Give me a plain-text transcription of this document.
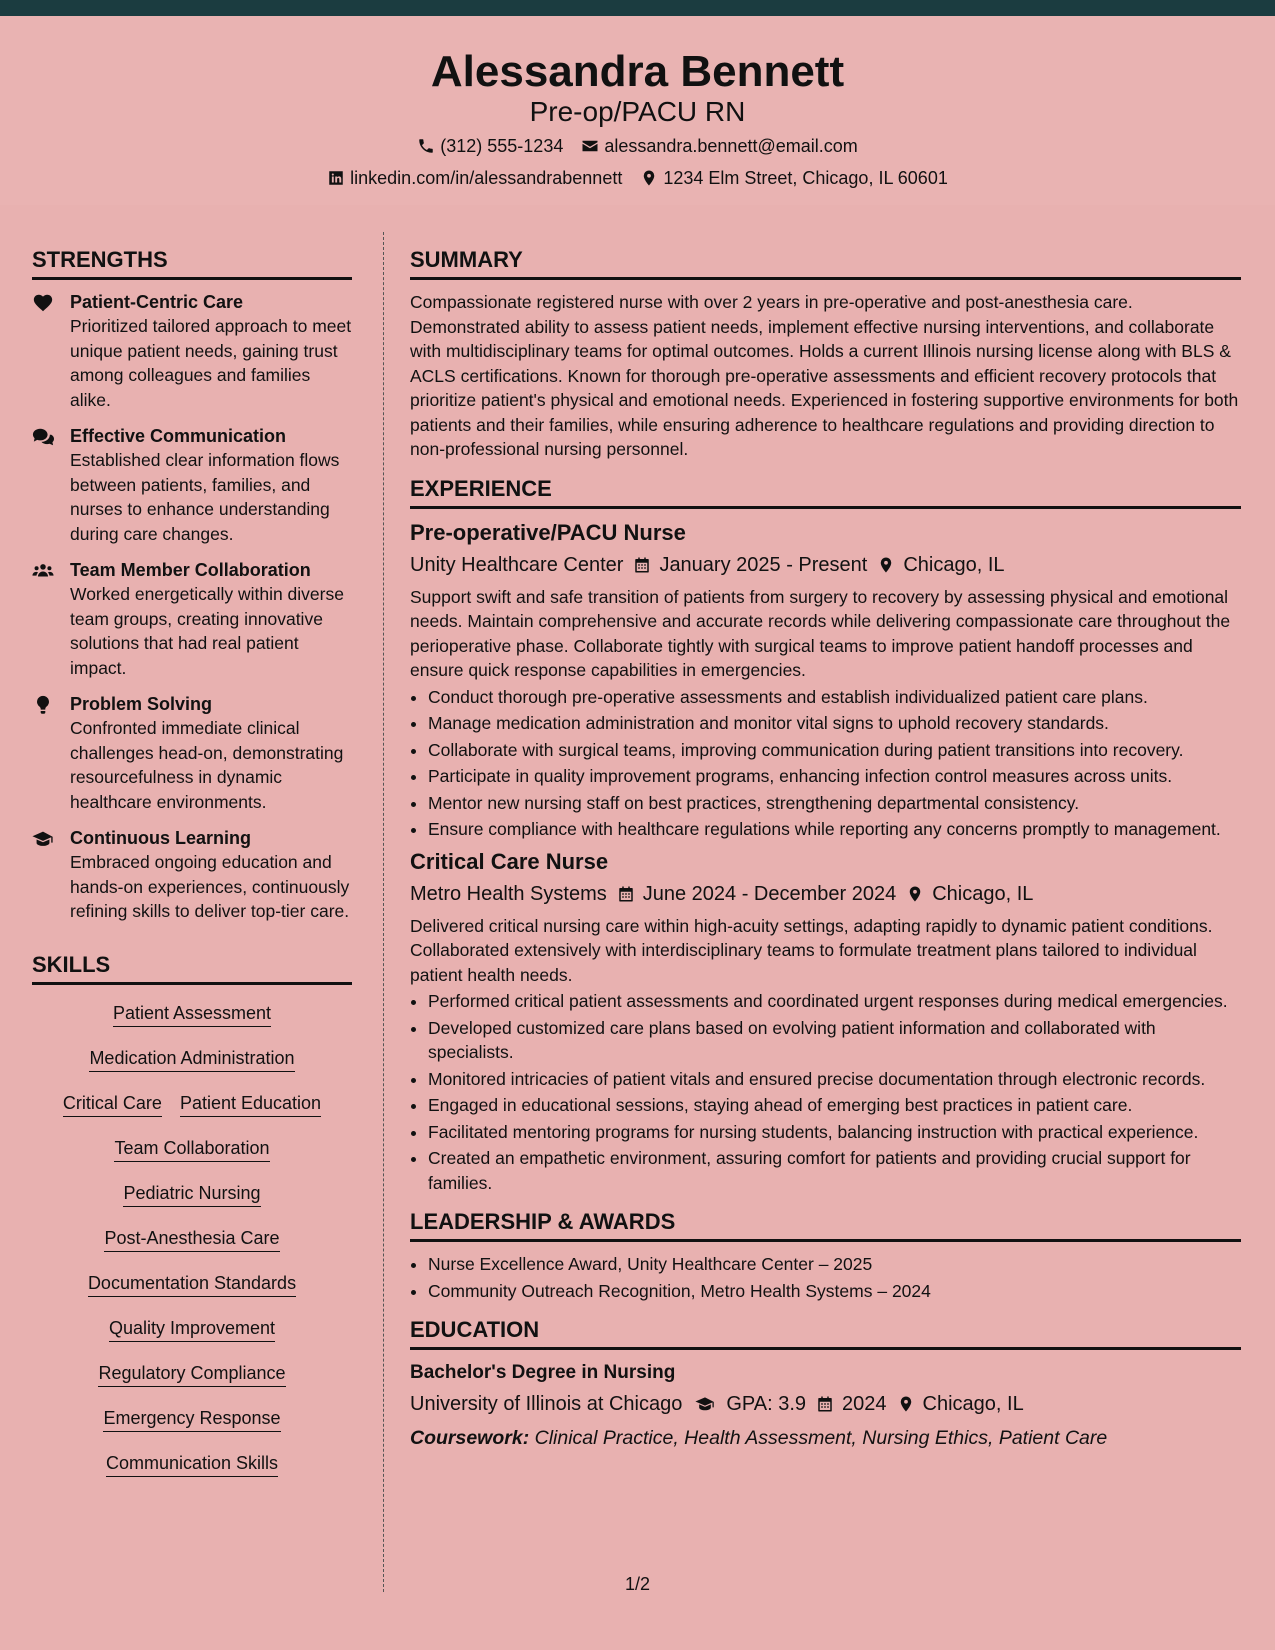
Alessandra Bennett
Pre-op/PACU RN
(312) 555-1234 alessandra.bennett@email.com
linkedin.com/in/alessandrabennett 1234 Elm Street, Chicago, IL 60601
STRENGTHS
Patient-Centric Care
Prioritized tailored approach to meet unique patient needs, gaining trust among colleagues and families alike.
Effective Communication
Established clear information flows between patients, families, and nurses to enhance understanding during care changes.
Team Member Collaboration
Worked energetically within diverse team groups, creating innovative solutions that had real patient impact.
Problem Solving
Confronted immediate clinical challenges head-on, demonstrating resourcefulness in dynamic healthcare environments.
Continuous Learning
Embraced ongoing education and hands-on experiences, continuously refining skills to deliver top-tier care.
SKILLS
Patient Assessment
Medication Administration
Critical Care Patient Education
Team Collaboration
Pediatric Nursing
Post-Anesthesia Care
Documentation Standards
Quality Improvement
Regulatory Compliance
Emergency Response
Communication Skills
SUMMARY
Compassionate registered nurse with over 2 years in pre-operative and post-anesthesia care. Demonstrated ability to assess patient needs, implement effective nursing interventions, and collaborate with multidisciplinary teams for optimal outcomes. Holds a current Illinois nursing license along with BLS & ACLS certifications. Known for thorough pre-operative assessments and efficient recovery protocols that prioritize patient's physical and emotional needs. Experienced in fostering supportive environments for both patients and their families, while ensuring adherence to healthcare regulations and providing direction to non-professional nursing personnel.
EXPERIENCE
Pre-operative/PACU Nurse
Unity Healthcare Center January 2025 - Present Chicago, IL
Support swift and safe transition of patients from surgery to recovery by assessing physical and emotional needs. Maintain comprehensive and accurate records while delivering compassionate care throughout the perioperative phase. Collaborate tightly with surgical teams to improve patient handoff processes and ensure quick response capabilities in emergencies.
• Conduct thorough pre-operative assessments and establish individualized patient care plans.
• Manage medication administration and monitor vital signs to uphold recovery standards.
• Collaborate with surgical teams, improving communication during patient transitions into recovery.
• Participate in quality improvement programs, enhancing infection control measures across units.
• Mentor new nursing staff on best practices, strengthening departmental consistency.
• Ensure compliance with healthcare regulations while reporting any concerns promptly to management.
Critical Care Nurse
Metro Health Systems June 2024 - December 2024 Chicago, IL
Delivered critical nursing care within high-acuity settings, adapting rapidly to dynamic patient conditions. Collaborated extensively with interdisciplinary teams to formulate treatment plans tailored to individual patient health needs.
• Performed critical patient assessments and coordinated urgent responses during medical emergencies.
• Developed customized care plans based on evolving patient information and collaborated with specialists.
• Monitored intricacies of patient vitals and ensured precise documentation through electronic records.
• Engaged in educational sessions, staying ahead of emerging best practices in patient care.
• Facilitated mentoring programs for nursing students, balancing instruction with practical experience.
• Created an empathetic environment, assuring comfort for patients and providing crucial support for families.
LEADERSHIP & AWARDS
• Nurse Excellence Award, Unity Healthcare Center – 2025
• Community Outreach Recognition, Metro Health Systems – 2024
EDUCATION
Bachelor's Degree in Nursing
University of Illinois at Chicago GPA: 3.9 2024 Chicago, IL
Coursework: Clinical Practice, Health Assessment, Nursing Ethics, Patient Care
1/2
